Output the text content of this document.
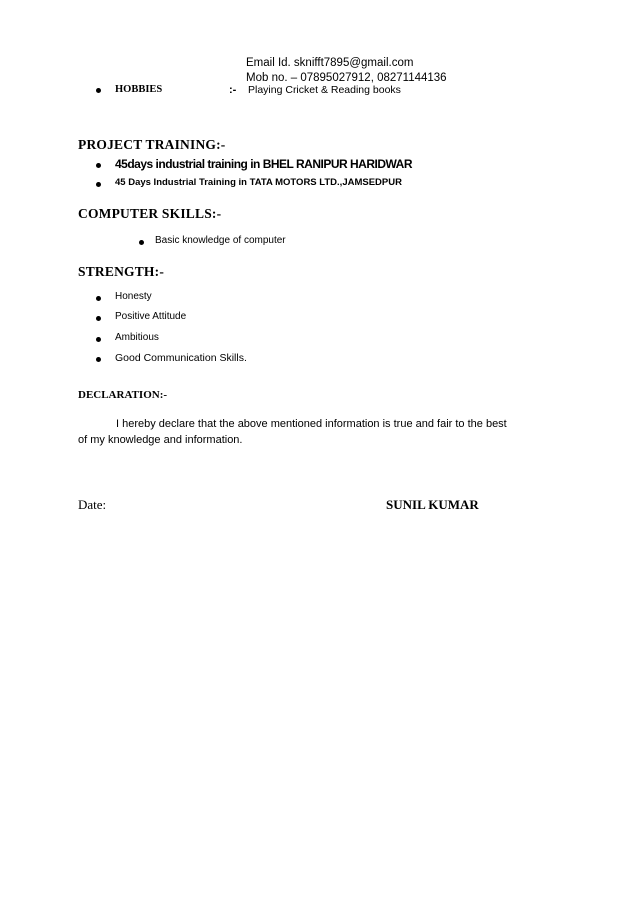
Email Id. sknifft7895@gmail.com
Mob no. – 07895027912, 08271144136
HOBBIES	:- Playing Cricket & Reading books
PROJECT TRAINING:-
45days industrial training in BHEL RANIPUR HARIDWAR
45 Days Industrial Training in TATA MOTORS LTD.,JAMSEDPUR
COMPUTER SKILLS:-
Basic knowledge of computer
STRENGTH:-
Honesty
Positive Attitude
Ambitious
Good Communication Skills.
DECLARATION:-
I hereby declare that the above mentioned information is true and fair to the best
of my knowledge and information.
Date:	SUNIL KUMAR
